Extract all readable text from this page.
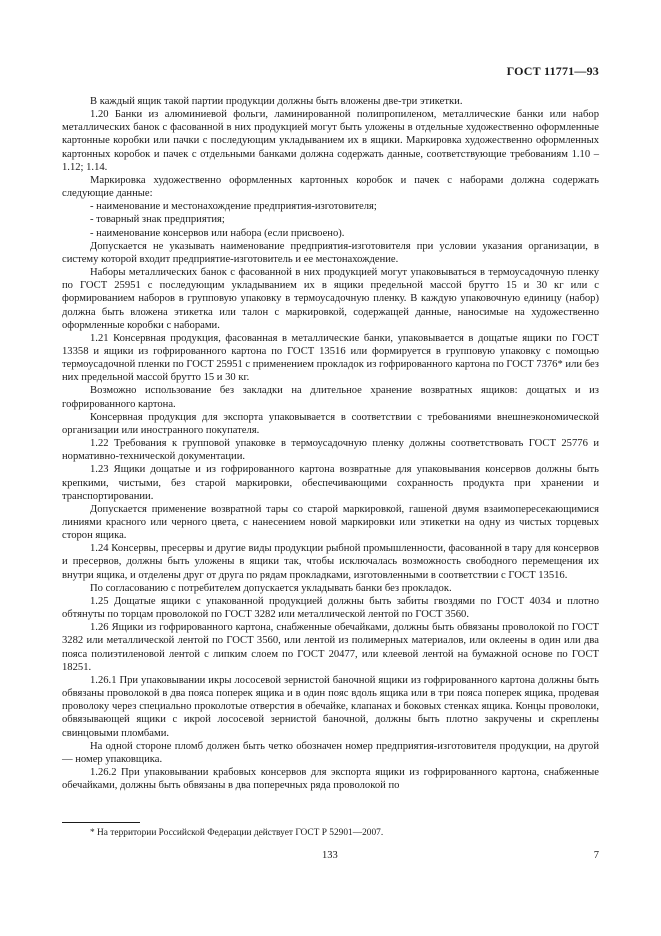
ГОСТ 11771—93

В каждый ящик такой партии продукции должны быть вложены две-три этикетки.

1.20 Банки из алюминиевой фольги, ламинированной полипропиленом, металлические банки или набор металлических банок с фасованной в них продукцией могут быть уложены в отдельные художественно оформленные картонные коробки или пачки с последующим укладыванием их в ящики. Маркировка художественно оформленных картонных коробок и пачек с отдельными банками должна содержать данные, соответствующие требованиям 1.10 – 1.12; 1.14.

Маркировка художественно оформленных картонных коробок и пачек с наборами должна содержать следующие данные:

- наименование и местонахождение предприятия-изготовителя;

- товарный знак предприятия;

- наименование консервов или набора (если присвоено).

Допускается не указывать наименование предприятия-изготовителя при условии указания организации, в систему которой входит предприятие-изготовитель и ее местонахождение.

Наборы металлических банок с фасованной в них продукцией могут упаковываться в термоусадочную пленку по ГОСТ 25951 с последующим укладыванием их в ящики предельной массой брутто 15 и 30 кг или с формированием наборов в групповую упаковку в термоусадочную пленку. В каждую упаковочную единицу (набор) должна быть вложена этикетка или талон с маркировкой, содержащей данные, наносимые на художественно оформленные коробки с наборами.

1.21 Консервная продукция, фасованная в металлические банки, упаковывается в дощатые ящики по ГОСТ 13358 и ящики из гофрированного картона по ГОСТ 13516 или формируется в групповую упаковку с помощью термоусадочной пленки по ГОСТ 25951 с применением прокладок из гофрированного картона по ГОСТ 7376* или без них предельной массой брутто 15 и 30 кг.

Возможно использование без закладки на длительное хранение возвратных ящиков: дощатых и из гофрированного картона.

Консервная продукция для экспорта упаковывается в соответствии с требованиями внешнеэкономической организации или иностранного покупателя.

1.22 Требования к групповой упаковке в термоусадочную пленку должны соответствовать ГОСТ 25776 и нормативно-технической документации.

1.23 Ящики дощатые и из гофрированного картона возвратные для упаковывания консервов должны быть крепкими, чистыми, без старой маркировки, обеспечивающими сохранность продукта при хранении и транспортировании.

Допускается применение возвратной тары со старой маркировкой, гашеной двумя взаимопересекающимися линиями красного или черного цвета, с нанесением новой маркировки или этикетки на одну из чистых торцевых сторон ящика.

1.24 Консервы, пресервы и другие виды продукции рыбной промышленности, фасованной в тару для консервов и пресервов, должны быть уложены в ящики так, чтобы исключалась возможность свободного перемещения их внутри ящика, и отделены друг от друга по рядам прокладками, изготовленными в соответствии с ГОСТ 13516.

По согласованию с потребителем допускается укладывать банки без прокладок.

1.25 Дощатые ящики с упакованной продукцией должны быть забиты гвоздями по ГОСТ 4034 и плотно обтянуты по торцам проволокой по ГОСТ 3282 или металлической лентой по ГОСТ 3560.

1.26 Ящики из гофрированного картона, снабженные обечайками, должны быть обвязаны проволокой по ГОСТ 3282 или металлической лентой по ГОСТ 3560, или лентой из полимерных материалов, или оклеены в один или два пояса полиэтиленовой лентой с липким слоем по ГОСТ 20477, или клеевой лентой на бумажной основе по ГОСТ 18251.

1.26.1 При упаковывании икры лососевой зернистой баночной ящики из гофрированного картона должны быть обвязаны проволокой в два пояса поперек ящика и в один пояс вдоль ящика или в три пояса поперек ящика, продевая проволоку через специально проколотые отверстия в обечайке, клапанах и боковых стенках ящика. Концы проволоки, обвязывающей ящики с икрой лососевой зернистой баночной, должны быть плотно закручены и скреплены свинцовыми пломбами.

На одной стороне пломб должен быть четко обозначен номер предприятия-изготовителя продукции, на другой — номер упаковщика.

1.26.2 При упаковывании крабовых консервов для экспорта ящики из гофрированного картона, снабженные обечайками, должны быть обвязаны в два поперечных ряда проволокой по

* На территории Российской Федерации действует ГОСТ Р 52901—2007.
133	7
